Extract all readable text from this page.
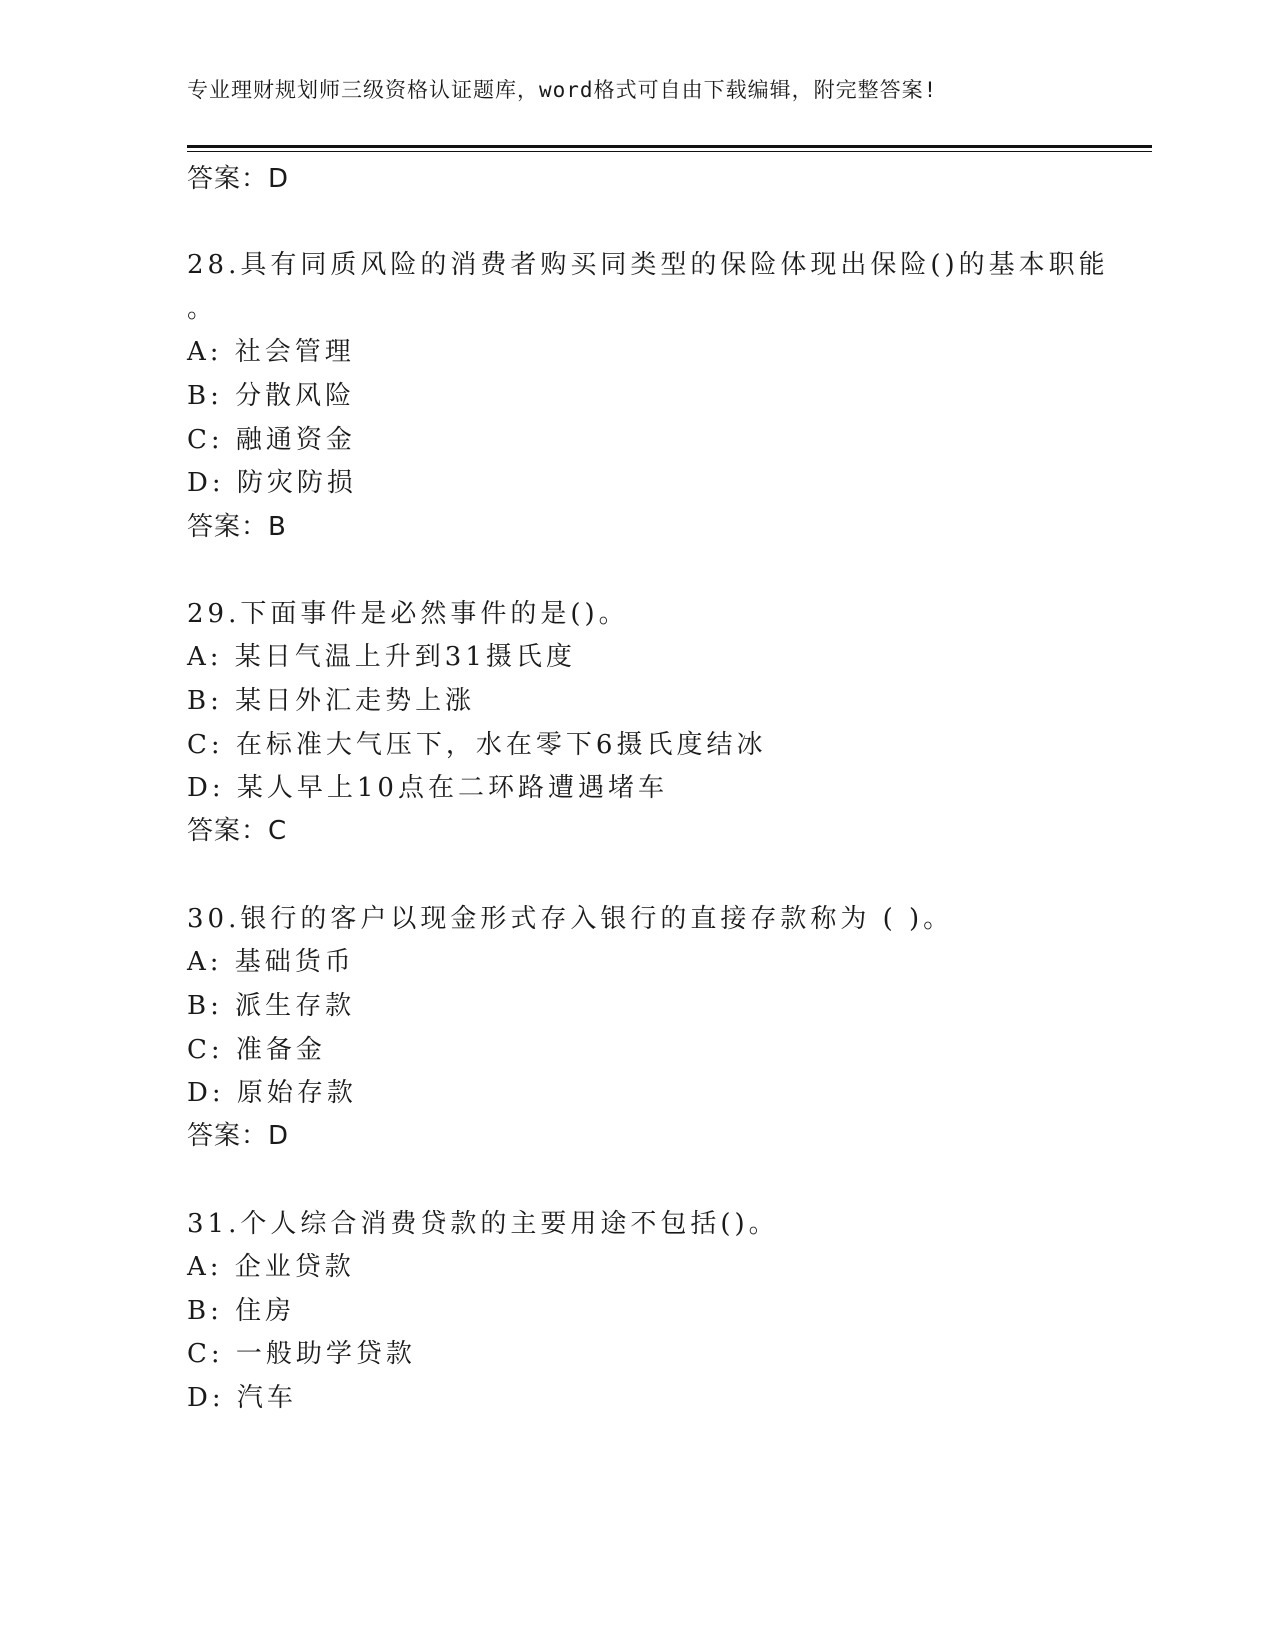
专业理财规划师三级资格认证题库，word格式可自由下载编辑，附完整答案!
答案：D
28.具有同质风险的消费者购买同类型的保险体现出保险()的基本职能
。
A: 社会管理
B: 分散风险
C: 融通资金
D: 防灾防损
答案：B
29.下面事件是必然事件的是()。
A: 某日气温上升到31摄氏度
B: 某日外汇走势上涨
C: 在标准大气压下，水在零下6摄氏度结冰
D: 某人早上10点在二环路遭遇堵车
答案：C
30.银行的客户以现金形式存入银行的直接存款称为 ( )。
A: 基础货币
B: 派生存款
C: 准备金
D: 原始存款
答案：D
31.个人综合消费贷款的主要用途不包括()。
A: 企业贷款
B: 住房
C: 一般助学贷款
D: 汽车
